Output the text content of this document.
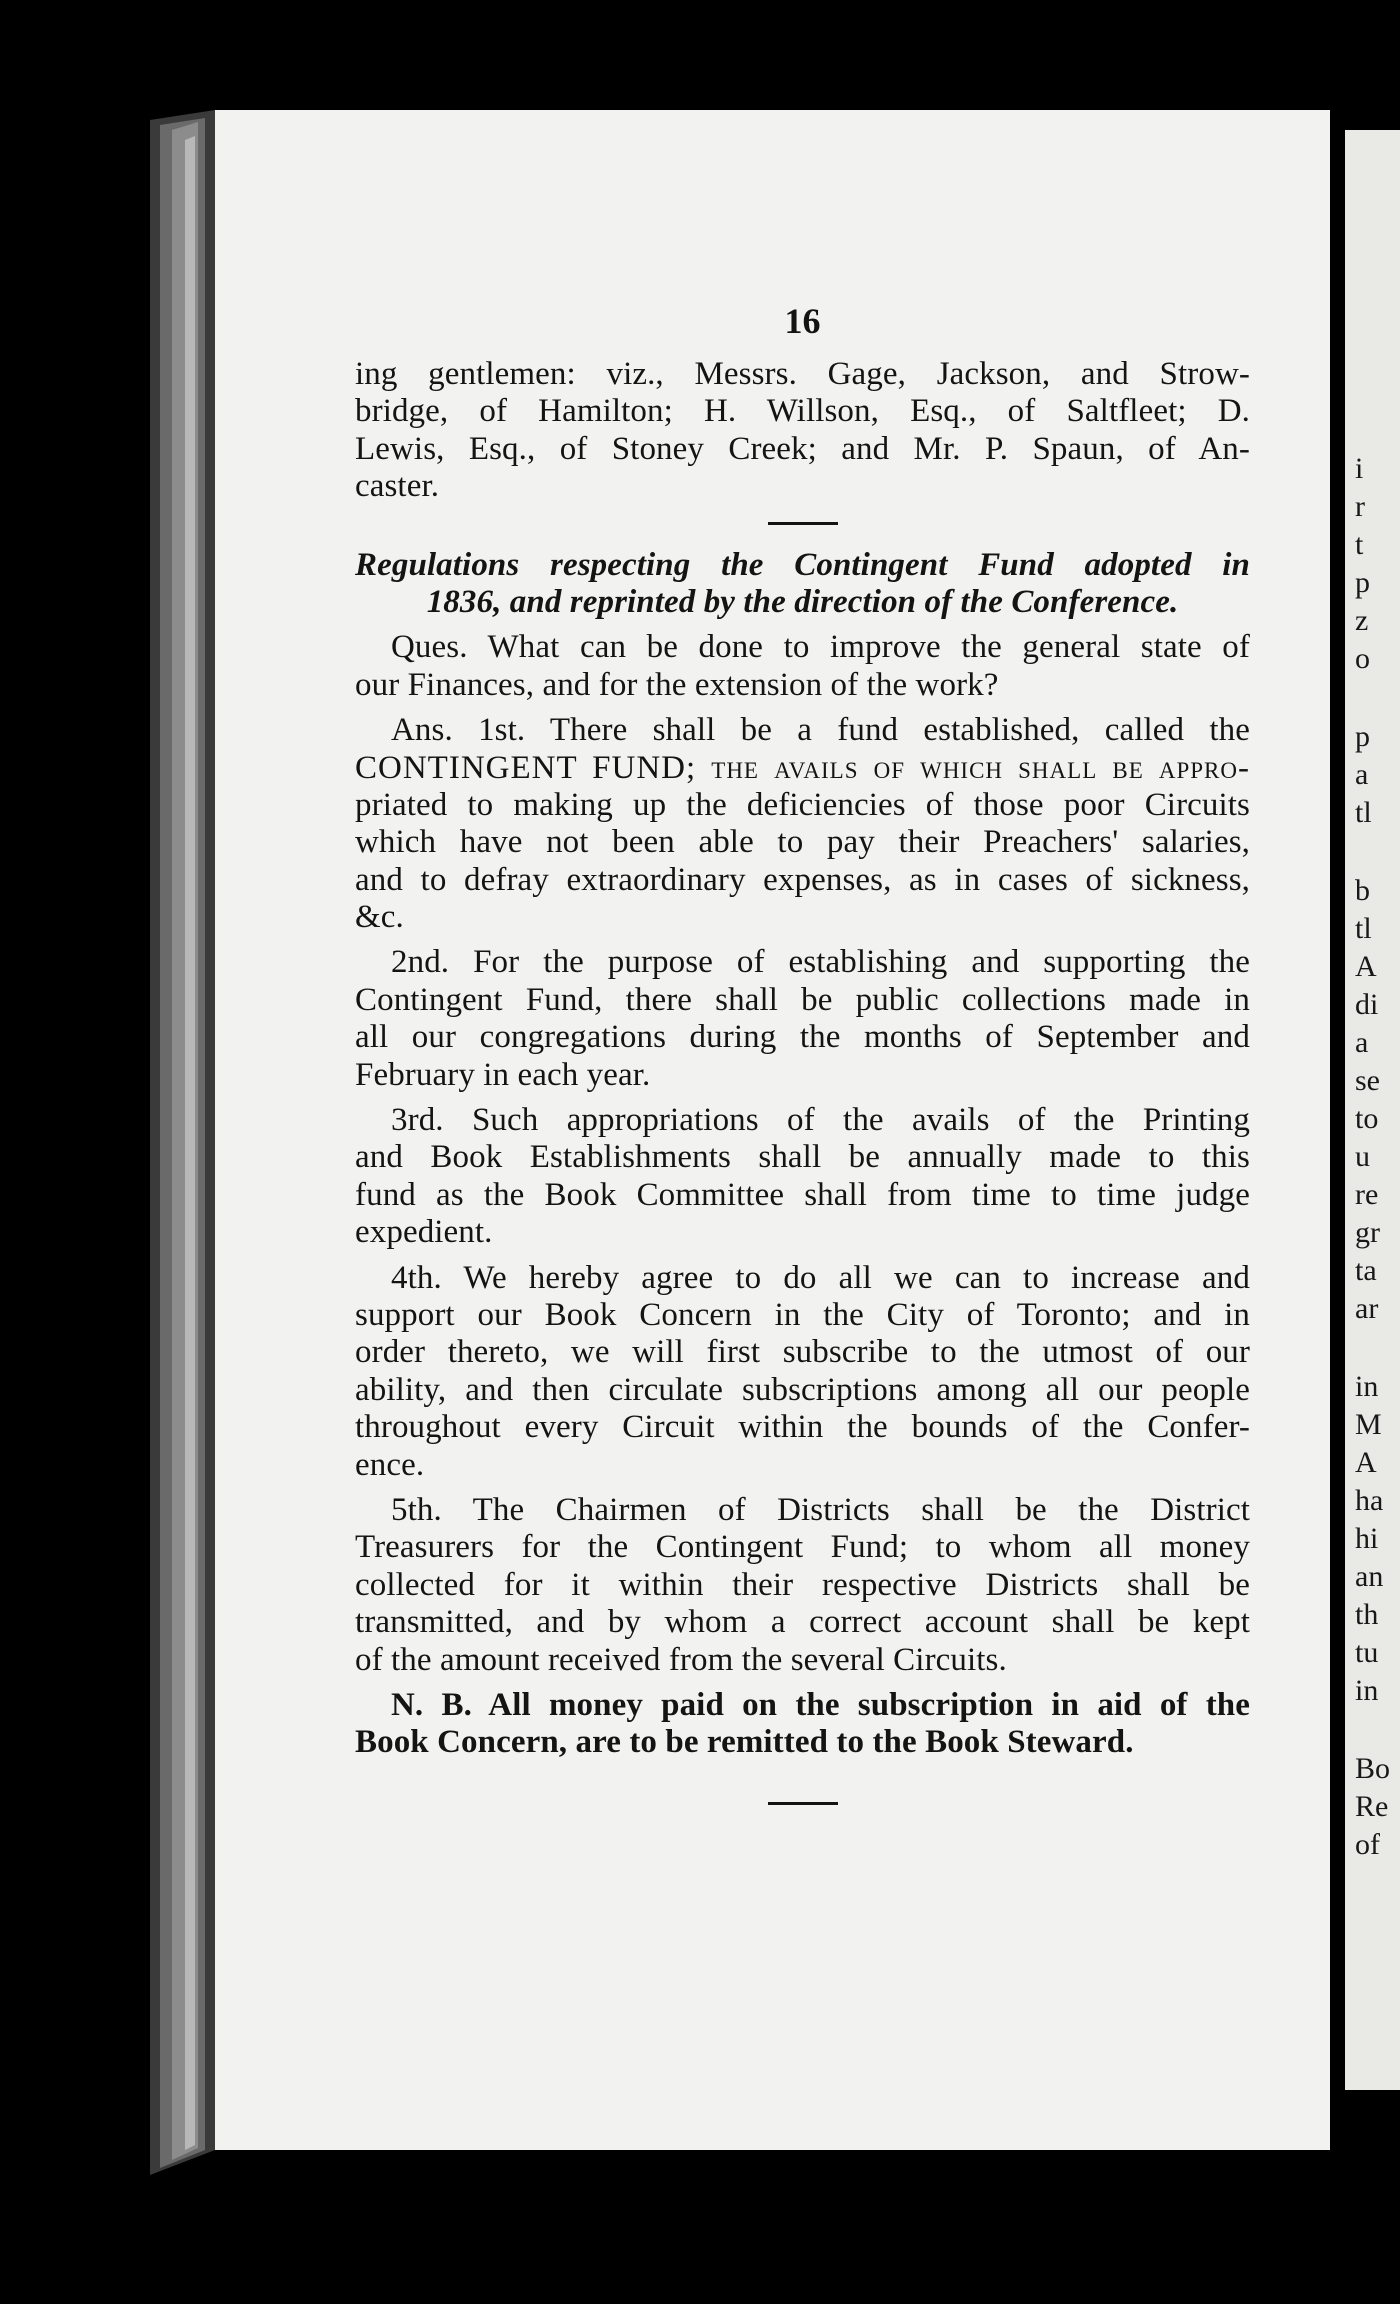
16
ing gentlemen: viz., Messrs. Gage, Jackson, and Strow-
bridge, of Hamilton; H. Willson, Esq., of Saltfleet; D.
Lewis, Esq., of Stoney Creek; and Mr. P. Spaun, of An-
caster.
Regulations respecting the Contingent Fund adopted in
1836, and reprinted by the direction of the Conference.
Ques. What can be done to improve the general state of
our Finances, and for the extension of the work?
Ans. 1st. There shall be a fund established, called the
CONTINGENT FUND; the avails of which shall be appro-
priated to making up the deficiencies of those poor Circuits
which have not been able to pay their Preachers' salaries,
and to defray extraordinary expenses, as in cases of sickness,
&c.
2nd. For the purpose of establishing and supporting the
Contingent Fund, there shall be public collections made in
all our congregations during the months of September and
February in each year.
3rd. Such appropriations of the avails of the Printing
and Book Establishments shall be annually made to this
fund as the Book Committee shall from time to time judge
expedient.
4th. We hereby agree to do all we can to increase and
support our Book Concern in the City of Toronto; and in
order thereto, we will first subscribe to the utmost of our
ability, and then circulate subscriptions among all our people
throughout every Circuit within the bounds of the Confer-
ence.
5th. The Chairmen of Districts shall be the District
Treasurers for the Contingent Fund; to whom all money
collected for it within their respective Districts shall be
transmitted, and by whom a correct account shall be kept
of the amount received from the several Circuits.
N. B. All money paid on the subscription in aid of the
Book Concern, are to be remitted to the Book Steward.
i
r
t
p
z
o
p
a
tl
b
tl
A
di
a
se
to
u
re
gr
ta
ar
in
M
A
ha
hi
an
th
tu
in
Bo
Re
of
